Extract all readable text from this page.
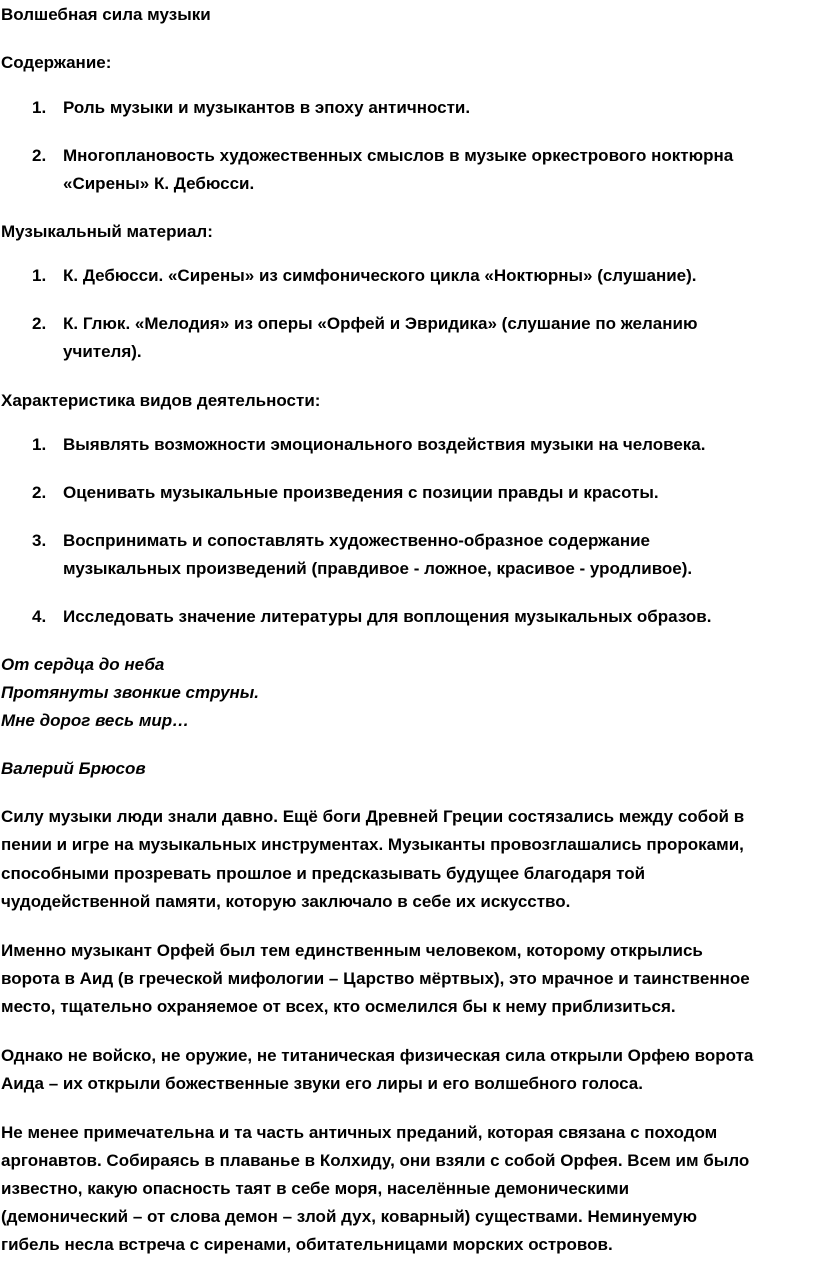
Волшебная сила музыки
Содержание:
1. Роль музыки и музыкантов в эпоху античности.
2. Многоплановость художественных смыслов в музыке оркестрового ноктюрна
«Сирены» К. Дебюсси.
Музыкальный материал:
1. К. Дебюсси. «Сирены» из симфонического цикла «Ноктюрны» (слушание).
2. К. Глюк. «Мелодия» из оперы «Орфей и Эвридика» (слушание по желанию
учителя).
Характеристика видов деятельности:
1. Выявлять возможности эмоционального воздействия музыки на человека.
2. Оценивать музыкальные произведения с позиции правды и красоты.
3. Воспринимать и сопоставлять художественно-образное содержание
музыкальных произведений (правдивое - ложное, красивое - уродливое).
4. Исследовать значение литературы для воплощения музыкальных образов.
От сердца до неба
Протянуты звонкие струны.
Мне дорог весь мир…
Валерий Брюсов
Силу музыки люди знали давно. Ещё боги Древней Греции состязались между собой в
пении и игре на музыкальных инструментах. Музыканты провозглашались пророками,
способными прозревать прошлое и предсказывать будущее благодаря той
чудодейственной памяти, которую заключало в себе их искусство.
Именно музыкант Орфей был тем единственным человеком, которому открылись
ворота в Аид (в греческой мифологии – Царство мёртвых), это мрачное и таинственное
место, тщательно охраняемое от всех, кто осмелился бы к нему приблизиться.
Однако не войско, не оружие, не титаническая физическая сила открыли Орфею ворота
Аида – их открыли божественные звуки его лиры и его волшебного голоса.
Не менее примечательна и та часть античных преданий, которая связана с походом
аргонавтов. Собираясь в плаванье в Колхиду, они взяли с собой Орфея. Всем им было
известно, какую опасность таят в себе моря, населённые демоническими
(демонический – от слова демон – злой дух, коварный) существами. Неминуемую
гибель несла встреча с сиренами, обитательницами морских островов.
